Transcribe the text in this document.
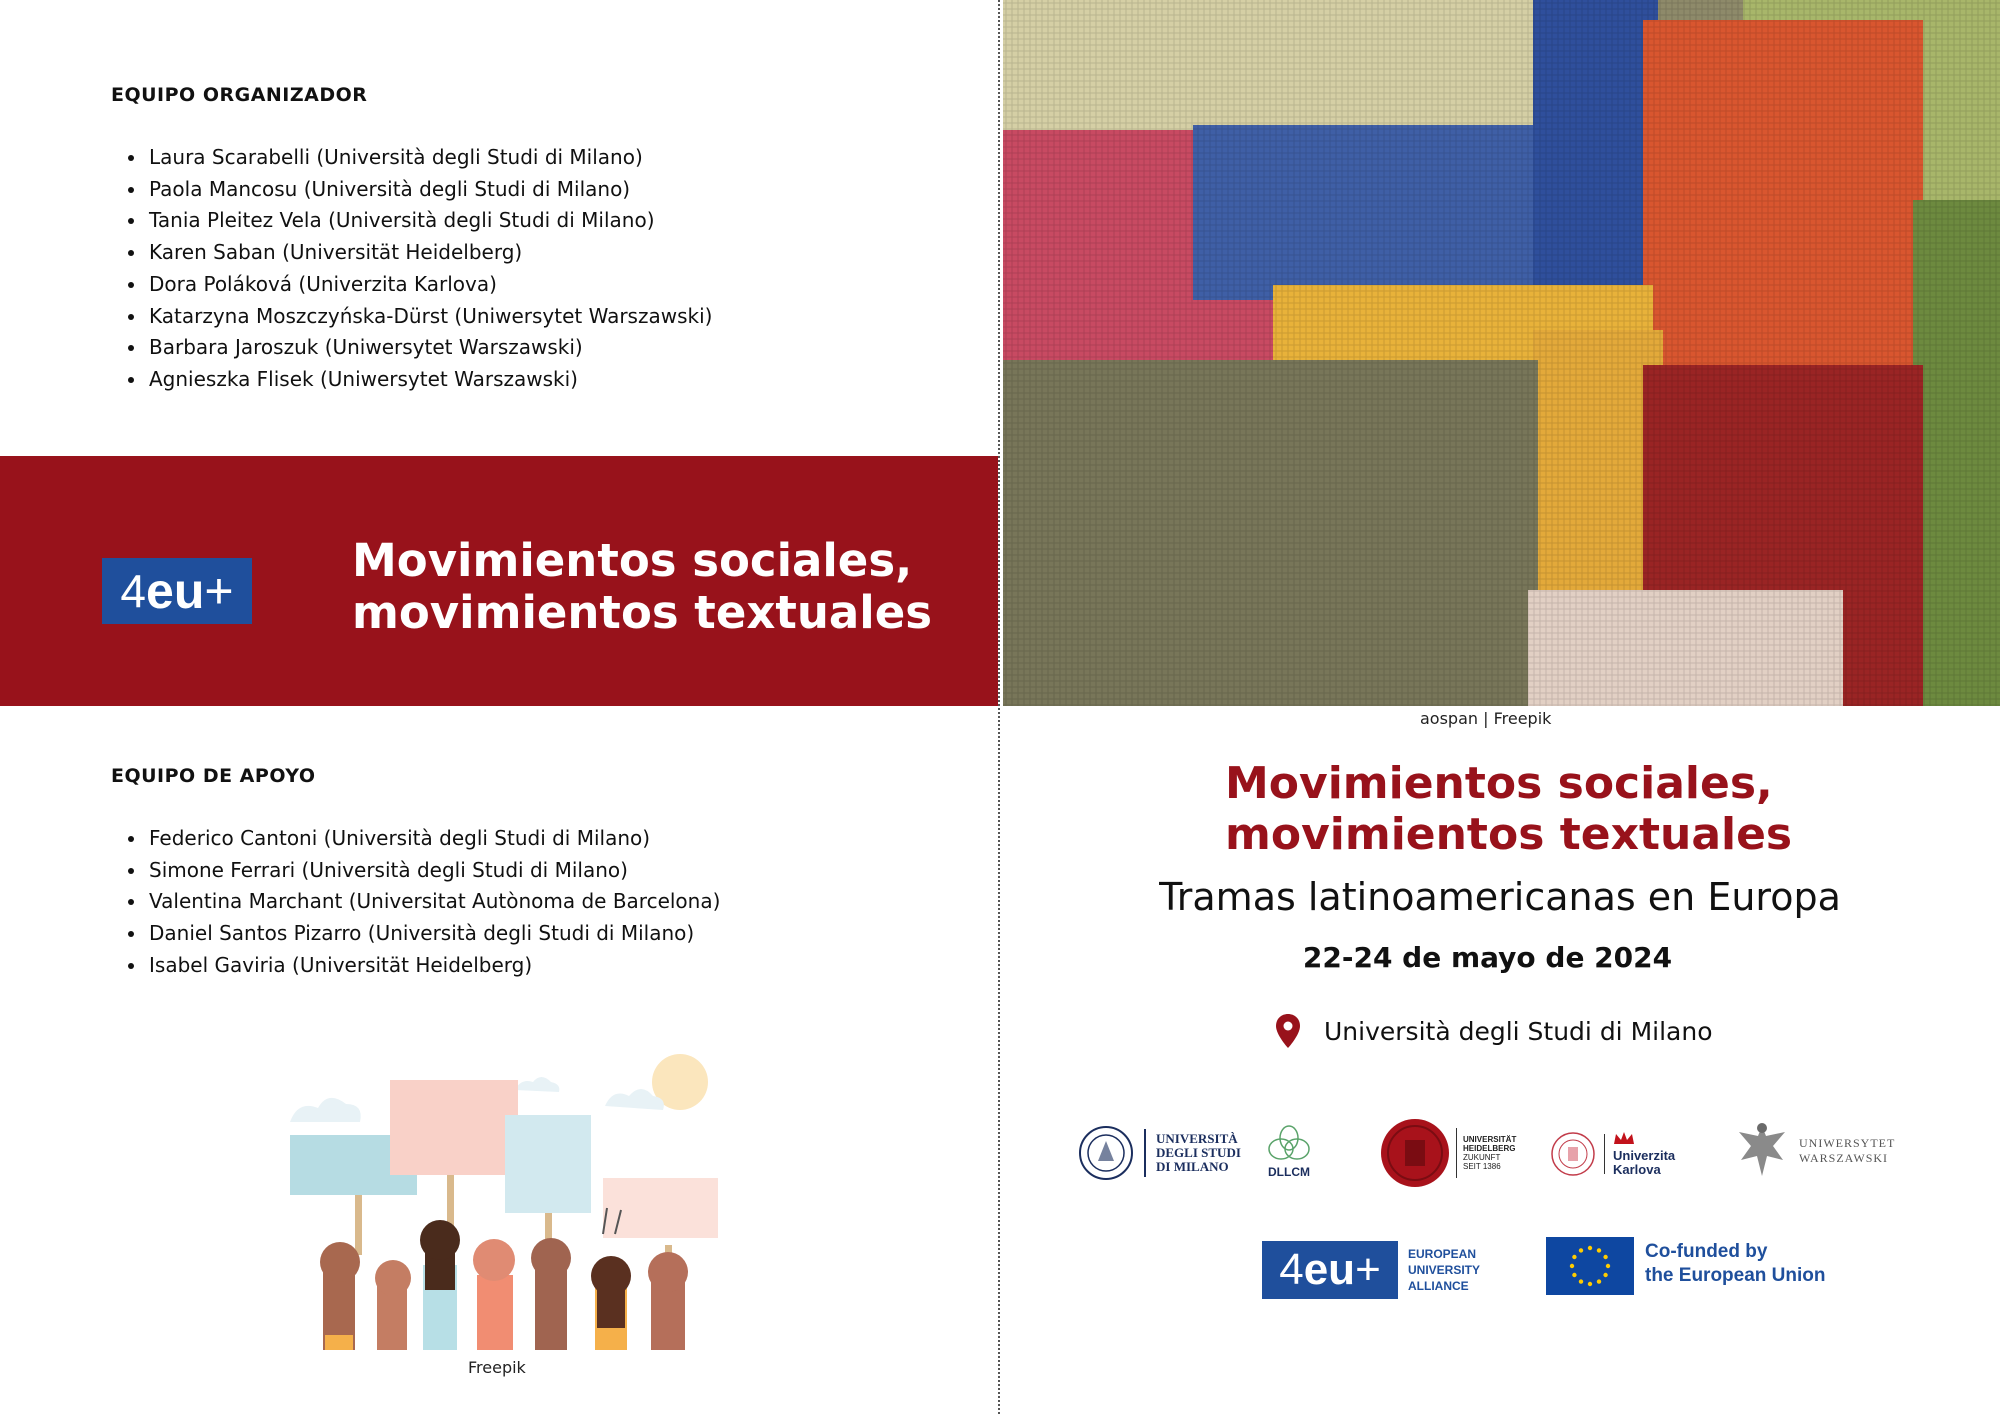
EQUIPO ORGANIZADOR
• Laura Scarabelli (Università degli Studi di Milano)
• Paola Mancosu (Università degli Studi di Milano)
• Tania Pleitez Vela (Università degli Studi di Milano)
• Karen Saban (Universität Heidelberg)
• Dora Poláková (Univerzita Karlova)
• Katarzyna Moszczyńska-Dürst (Uniwersytet Warszawski)
• Barbara Jaroszuk (Uniwersytet Warszawski)
• Agnieszka Flisek (Uniwersytet Warszawski)
4 eu +
Movimientos sociales,
movimientos textuales
EQUIPO DE APOYO
• Federico Cantoni (Università degli Studi di Milano)
• Simone Ferrari (Università degli Studi di Milano)
• Valentina Marchant (Universitat Autònoma de Barcelona)
• Daniel Santos Pizarro (Università degli Studi di Milano)
• Isabel Gaviria (Universität Heidelberg)
Freepik
aospan | Freepik
Movimientos sociales,
movimientos textuales
Tramas latinoamericanas en Europa
22-24 de mayo de 2024
Università degli Studi di Milano
UNIVERSITÀ
DEGLI STUDI
DI MILANO	DLLCM
UNIVERSITÄT
HEIDELBERG
ZUKUNFT
SEIT 1386
Univerzita
Karlova
UNIWERSYTET
WARSZAWSKI
4 eu + EUROPEAN
UNIVERSITY
ALLIANCE
Co-funded by
the European Union
